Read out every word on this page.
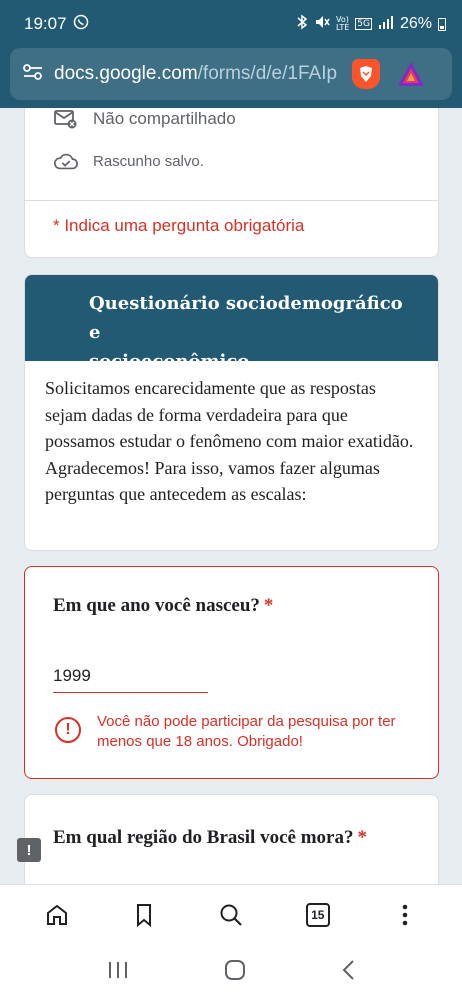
19:07	Vo)
LTE 5G 26%
docs.google.com/forms/d/e/1FAIp
Não compartilhado
Rascunho salvo.
* Indica uma pergunta obrigatória
Questionário sociodemográfico e
socioeconômico
Solicitamos encarecidamente que as respostas sejam dadas de forma verdadeira para que possamos estudar o fenômeno com maior exatidão. Agradecemos! Para isso, vamos fazer algumas perguntas que antecedem as escalas:
Em que ano você nasceu? *
1999
!	Você não pode participar da pesquisa por ter menos que 18 anos. Obrigado!
Em qual região do Brasil você mora? *
!
15
